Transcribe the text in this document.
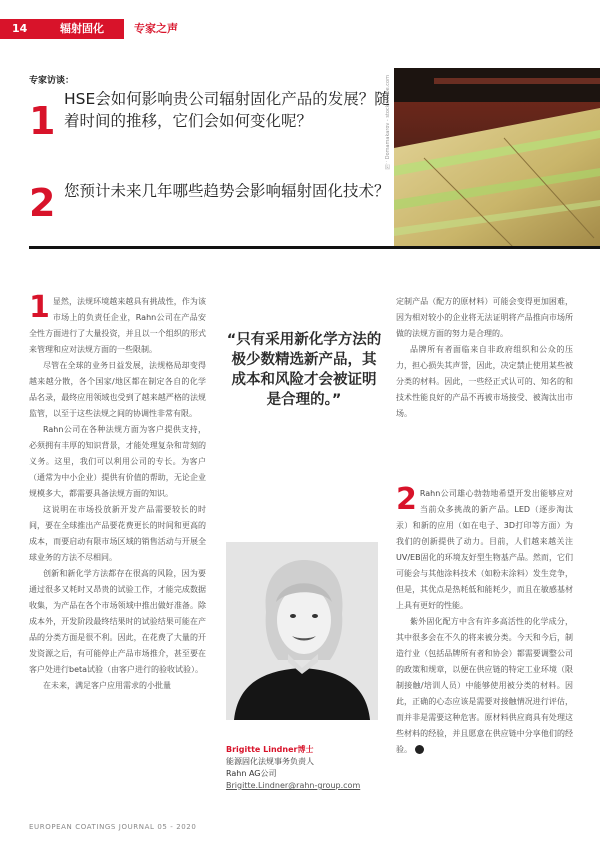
14	辐射固化	专家之声
专家访谈：
1 HSE会如何影响贵公司辐射固化产品的发展？随着时间的推移，它们会如何变化呢？
2 您预计未来几年哪些趋势会影响辐射固化技术？
图：Domamakarov - stock.adobe.com

1 显然，法规环境越来越具有挑战性，作为该市场上的负责任企业，Rahn公司在产品安全性方面进行了大量投资，并且以一个组织的形式来管理和应对法规方面的一些限制。

尽管在全球的业务日益发展，法规格局却变得越来越分散，各个国家/地区都在制定各自的化学品名录，最终应用领域也受到了越来越严格的法规监管，以至于这些法规之间的协调性非常有限。

Rahn公司在各种法规方面为客户提供支持，必须拥有丰厚的知识背景，才能处理复杂和苛刻的义务。这里，我们可以利用公司的专长。为客户（通常为中小企业）提供有价值的帮助，无论企业规模多大，都需要具备法规方面的知识。

这说明在市场投放新开发产品需要较长的时间，要在全球推出产品要花费更长的时间和更高的成本，而要启动有限市场区域的销售活动与开展全球业务的方法不尽相同。

创新和新化学方法都存在很高的风险，因为要通过很多又耗时又昂贵的试验工作，才能完成数据收集，为产品在各个市场领域中推出做好准备。除成本外，开发阶段最终结果时的试验结果可能在产品的分类方面是很不利。因此，在花费了大量的开发资源之后，有可能停止产品市场推介，甚至要在客户处进行beta试验（由客户进行的验收试验）。

在未来，满足客户应用需求的小批量

“只有采用新化学方法的极少数精选新产品，其成本和风险才会被证明是合理的。”
Brigitte Lindner博士
能源固化法规事务负责人
Rahn AG公司
Brigitte.Lindner@rahn-group.com

定制产品（配方的原材料）可能会变得更加困难，因为相对较小的企业将无法证明将产品推向市场所做的法规方面的努力是合理的。

品牌所有者面临来自非政府组织和公众的压力，担心损失其声誉，因此，决定禁止使用某些被分类的材料。因此，一些经正式认可的、知名的和技术性能良好的产品不再被市场接受、被淘汰出市场。

2 Rahn公司雄心勃勃地希望开发出能够应对当前众多挑战的新产品。LED（逐步淘汰汞）和新的应用（如在电子、3D打印等方面）为我们的创新提供了动力。目前，人们越来越关注UV/EB固化的环境友好型生物基产品。然而，它们可能会与其他涂料技术（如粉末涂料）发生竞争，但是，其优点是热耗低和能耗少，而且在敏感基材上具有更好的性能。

紫外固化配方中含有许多高活性的化学成分，其中很多会在不久的将来被分类。今天和今后，制造行业（包括品牌所有者和协会）都需要调整公司的政策和规章，以便在供应链的特定工业环境（限制接触/培训人员）中能够使用被分类的材料。因此，正确的心态应该是需要对接触情况进行评估，而并非是需要这种危害。原材料供应商具有处理这些材料的经验，并且愿意在供应链中分享他们的经验。	❮

EUROPEAN COATINGS JOURNAL 05 - 2020
